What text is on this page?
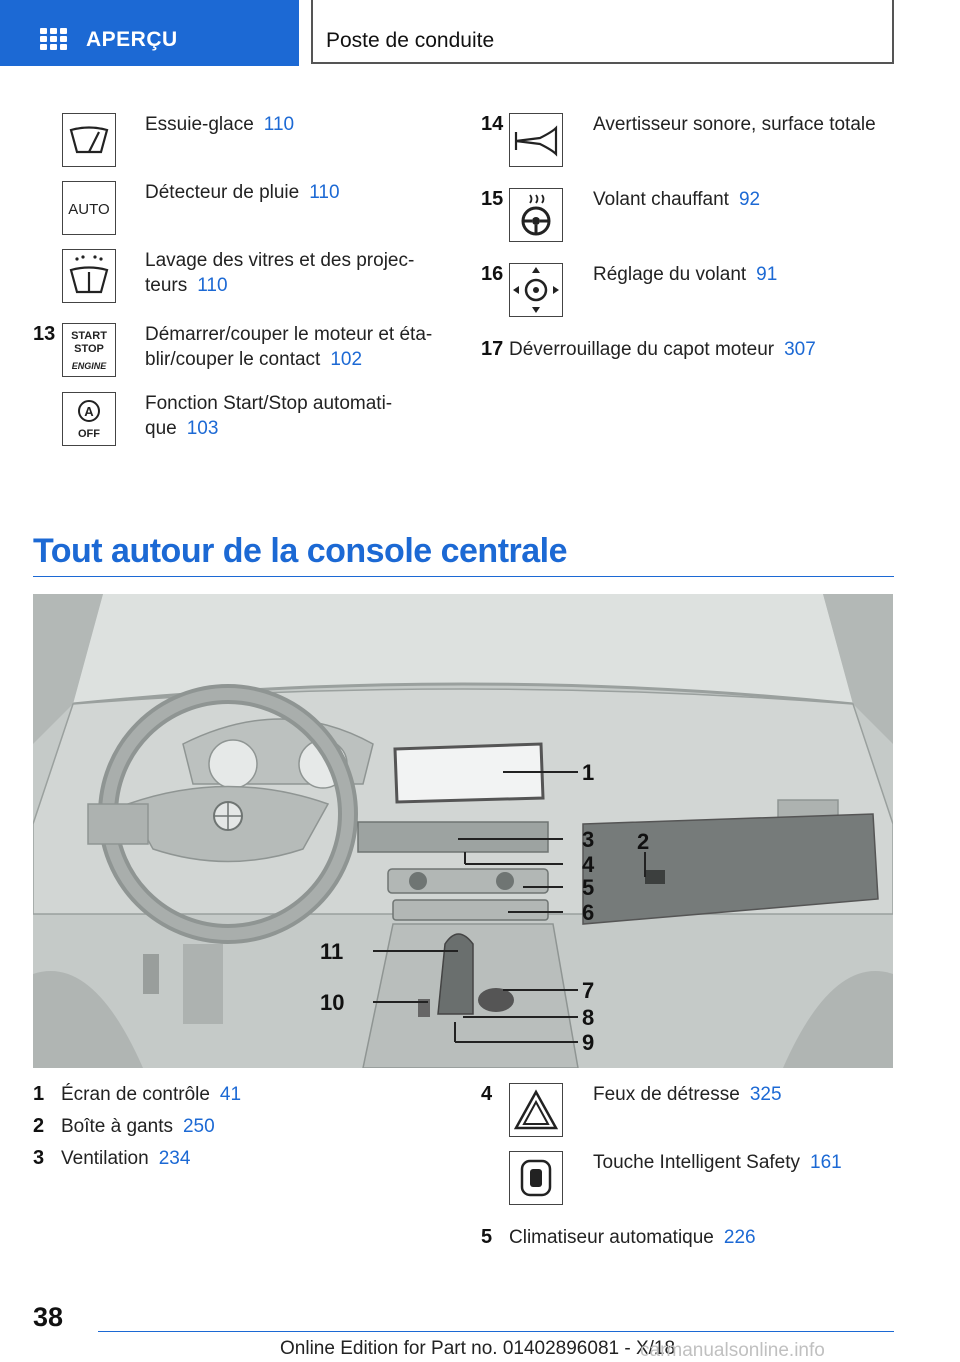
APERÇU	Poste de conduite
Essuie-glace 110
AUTO
Détecteur de pluie 110
Lavage des vitres et des projec-
teurs 110
13 START
STOP
ENGINE
Démarrer/couper le moteur et éta-
blir/couper le contact 102
A
OFF
Fonction Start/Stop automati-
que 103
14	Avertisseur sonore, surface totale
15	Volant chauffant 92
16	Réglage du volant 91
17 Déverrouillage du capot moteur 307
Tout autour de la console centrale
1
2
3
4
5
6
7
8
9
10
11
1 Écran de contrôle 41
2 Boîte à gants 250
3 Ventilation 234
4	Feux de détresse 325
Touche Intelligent Safety 161
5 Climatiseur automatique 226
38
Online Edition for Part no. 01402896081 - X/18
carmanualsonline.info
